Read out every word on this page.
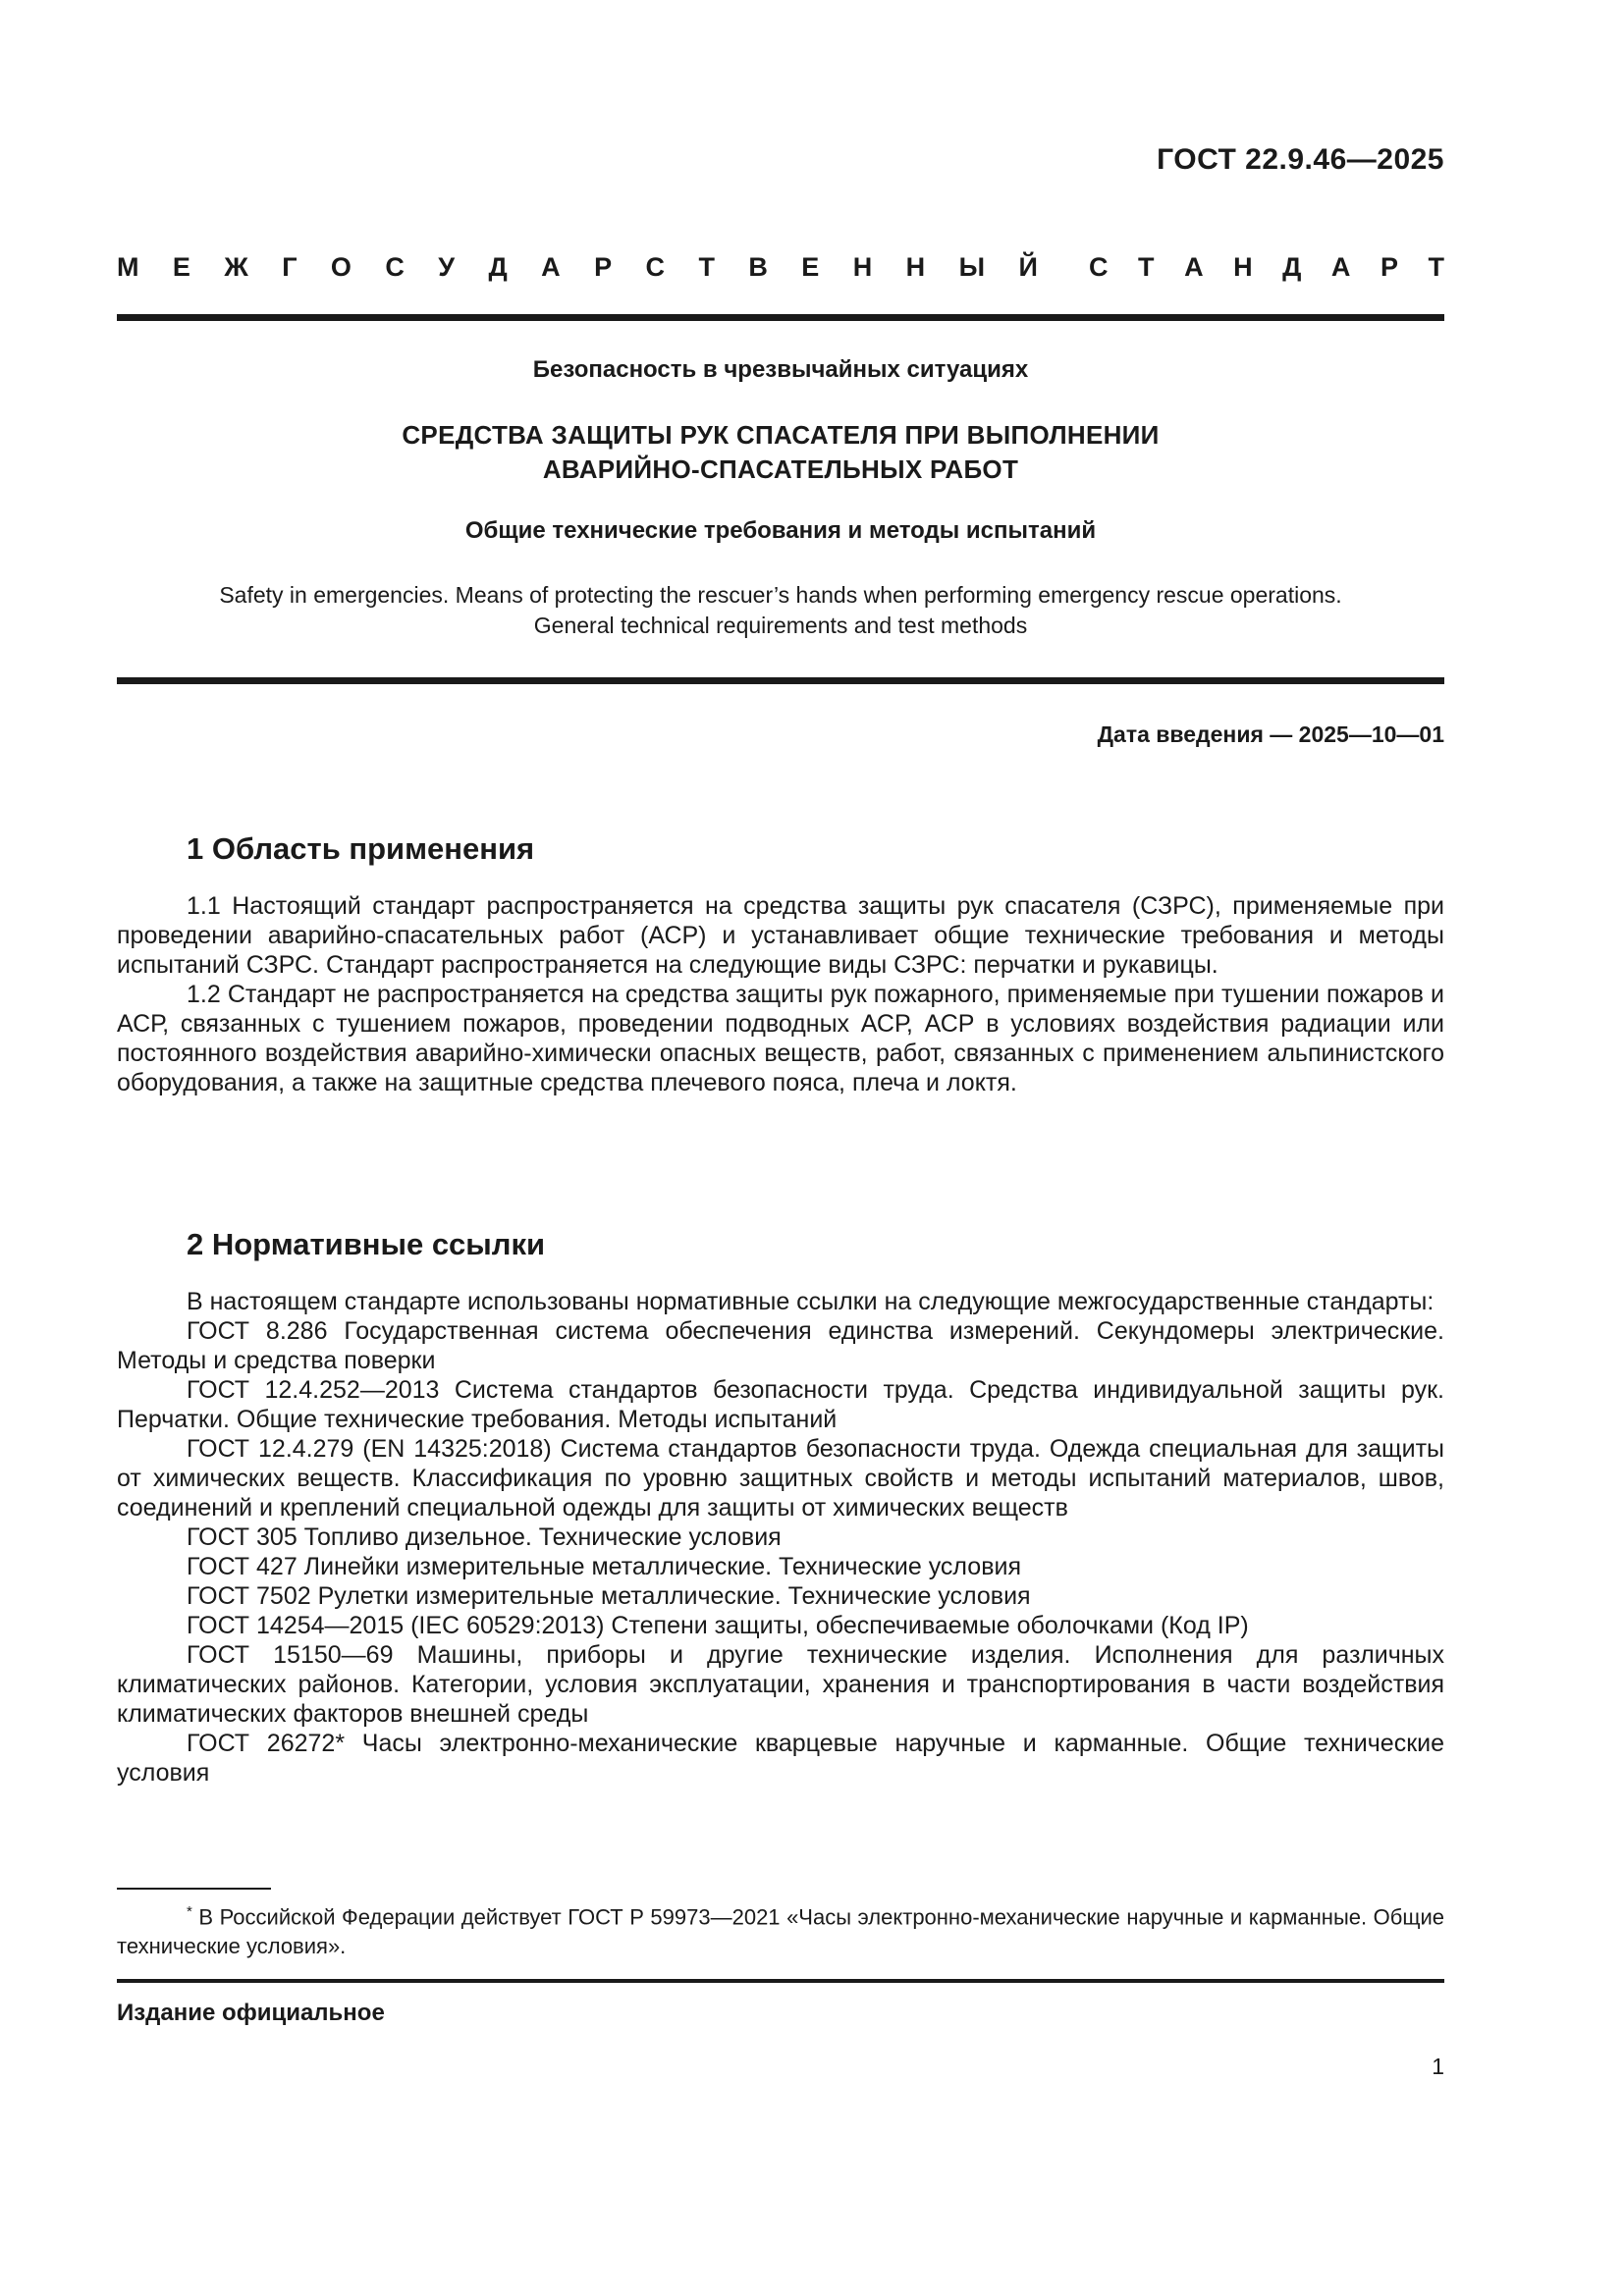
ГОСТ 22.9.46—2025
М Е Ж Г О С У Д А Р С Т В Е Н Н Ы Й С Т А Н Д А Р Т
Безопасность в чрезвычайных ситуациях
СРЕДСТВА ЗАЩИТЫ РУК СПАСАТЕЛЯ ПРИ ВЫПОЛНЕНИИ
АВАРИЙНО-СПАСАТЕЛЬНЫХ РАБОТ
Общие технические требования и методы испытаний
Safety in emergencies. Means of protecting the rescuer’s hands when performing emergency rescue operations.
General technical requirements and test methods
Дата введения — 2025—10—01
1 Область применения

1.1 Настоящий стандарт распространяется на средства защиты рук спасателя (СЗРС), применяемые при проведении аварийно-спасательных работ (АСР) и устанавливает общие технические требования и методы испытаний СЗРС. Стандарт распространяется на следующие виды СЗРС: перчатки и рукавицы.

1.2 Стандарт не распространяется на средства защиты рук пожарного, применяемые при тушении пожаров и АСР, связанных с тушением пожаров, проведении подводных АСР, АСР в условиях воздействия радиации или постоянного воздействия аварийно-химически опасных веществ, работ, связанных с применением альпинистского оборудования, а также на защитные средства плечевого пояса, плеча и локтя.

2 Нормативные ссылки

В настоящем стандарте использованы нормативные ссылки на следующие межгосударственные стандарты:

ГОСТ 8.286 Государственная система обеспечения единства измерений. Секундомеры электрические. Методы и средства поверки

ГОСТ 12.4.252—2013 Система стандартов безопасности труда. Средства индивидуальной защиты рук. Перчатки. Общие технические требования. Методы испытаний

ГОСТ 12.4.279 (EN 14325:2018) Система стандартов безопасности труда. Одежда специальная для защиты от химических веществ. Классификация по уровню защитных свойств и методы испытаний материалов, швов, соединений и креплений специальной одежды для защиты от химических веществ

ГОСТ 305 Топливо дизельное. Технические условия

ГОСТ 427 Линейки измерительные металлические. Технические условия

ГОСТ 7502 Рулетки измерительные металлические. Технические условия

ГОСТ 14254—2015 (IEC 60529:2013) Степени защиты, обеспечиваемые оболочками (Код IP)

ГОСТ 15150—69 Машины, приборы и другие технические изделия. Исполнения для различных климатических районов. Категории, условия эксплуатации, хранения и транспортирования в части воздействия климатических факторов внешней среды

ГОСТ 26272* Часы электронно-механические кварцевые наручные и карманные. Общие технические условия

* В Российской Федерации действует ГОСТ Р 59973—2021 «Часы электронно-механические наручные и карманные. Общие технические условия».

Издание официальное
1
